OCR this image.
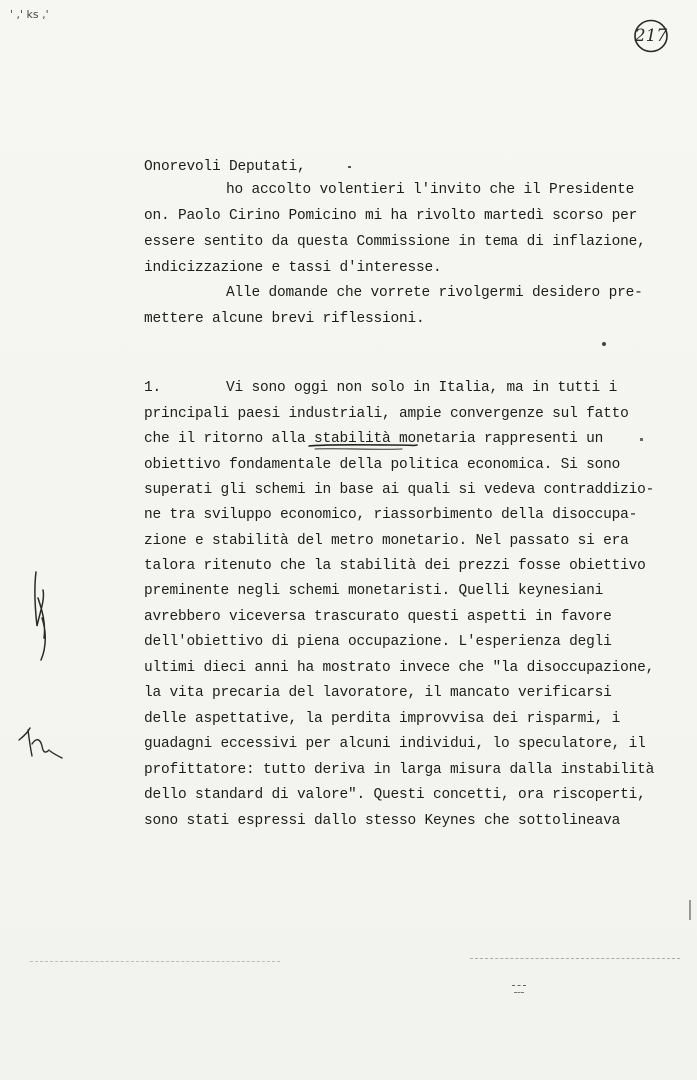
' ,' ks ,'
217
Onorevoli Deputati,
ho accolto volentieri l'invito che il Presidente
on. Paolo Cirino Pomicino mi ha rivolto martedì scorso per
essere sentito da questa Commissione in tema di inflazione,
indicizzazione e tassi d'interesse.
Alle domande che vorrete rivolgermi desidero pre-
mettere alcune brevi riflessioni.
1.	Vi sono oggi non solo in Italia, ma in tutti i
principali paesi industriali, ampie convergenze sul fatto
che il ritorno alla stabilità monetaria rappresenti un
obiettivo fondamentale della politica economica. Si sono
superati gli schemi in base ai quali si vedeva contraddizio-
ne tra sviluppo economico, riassorbimento della disoccupa-
zione e stabilità del metro monetario. Nel passato si era
talora ritenuto che la stabilità dei prezzi fosse obiettivo
preminente negli schemi monetaristi. Quelli keynesiani
avrebbero viceversa trascurato questi aspetti in favore
dell'obiettivo di piena occupazione. L'esperienza degli
ultimi dieci anni ha mostrato invece che "la disoccupazione,
la vita precaria del lavoratore, il mancato verificarsi
delle aspettative, la perdita improvvisa dei risparmi, i
guadagni eccessivi per alcuni individui, lo speculatore, il
profittatore: tutto deriva in larga misura dalla instabilità
dello standard di valore". Questi concetti, ora riscoperti,
sono stati espressi dallo stesso Keynes che sottolineava
